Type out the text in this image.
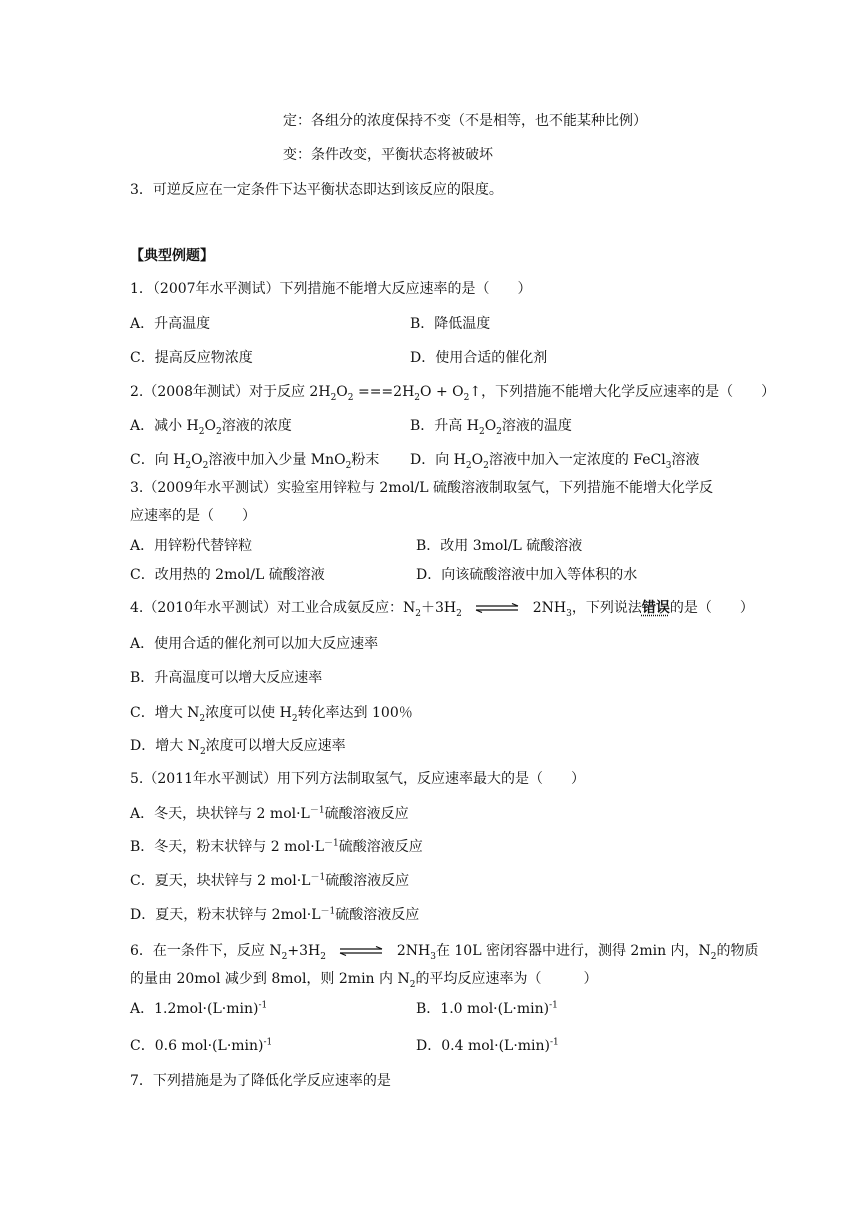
定：各组分的浓度保持不变（不是相等，也不能某种比例）
变：条件改变，平衡状态将被破坏
3．可逆反应在一定条件下达平衡状态即达到该反应的限度。
【典型例题】
1．（2007年水平测试）下列措施不能增大反应速率的是（　　）
A．升高温度	B．降低温度
C．提高反应物浓度	D．使用合适的催化剂
2.（2008年测试）对于反应 $2H_2O_2 ===2H_2O$ + $O_2↑$，下列措施不能增大化学反应速率的是（　　）
A．减小 $H_2O_2$溶液的浓度	B．升高 $H_2O_2$溶液的温度
C．向 $H_2O_2$溶液中加入少量 MnO$_2$粉末 D．向 $H_2O_2$溶液中加入一定浓度的 FeCl$_3$溶液
3.（2009年水平测试）实验室用锌粒与 2mol/L 硫酸溶液制取氢气，下列措施不能增大化学反
应速率的是（　　）
A．用锌粉代替锌粒	B．改用 3mol/L 硫酸溶液
C．改用热的 2mol/L 硫酸溶液	D．向该硫酸溶液中加入等体积的水
4.（2010年水平测试）对工业合成氨反应：$N_2+3H_2$ ⇌ $2NH_3$，下列说法错误的是（　　）
A．使用合适的催化剂可以加大反应速率
B．升高温度可以增大反应速率
C．增大 $N_2$浓度可以使 $H_2$转化率达到 100％
D．增大 $N_2$浓度可以增大反应速率
5.（2011年水平测试）用下列方法制取氢气，反应速率最大的是（　　）
A．冬天，块状锌与 2 $mol\cdot L^{-1}$硫酸溶液反应
B．冬天，粉末状锌与 2 $mol\cdot L^{-1}$硫酸溶液反应
C．夏天，块状锌与 2 $mol\cdot L^{-1}$硫酸溶液反应
D．夏天，粉末状锌与 $2mol\cdot L^{-1}$硫酸溶液反应
6．在一条件下，反应 $N_2+3H_2$ ⇌ $2NH_3$在 10L 密闭容器中进行，测得 2min 内，$N_2$的物质
的量由 20mol 减少到 8mol，则 2min 内 $N_2$的平均反应速率为（　　　）
A．$1.2mol\cdot(L\cdot\min)^{-1}$	B．1.0 $mol\cdot(L\cdot\min)^{-1}$
C．0.6 $mol\cdot(L\cdot\min)^{-1}$	D．0.4 $mol\cdot(L\cdot\min)^{-1}$
7．下列措施是为了降低化学反应速率的是
